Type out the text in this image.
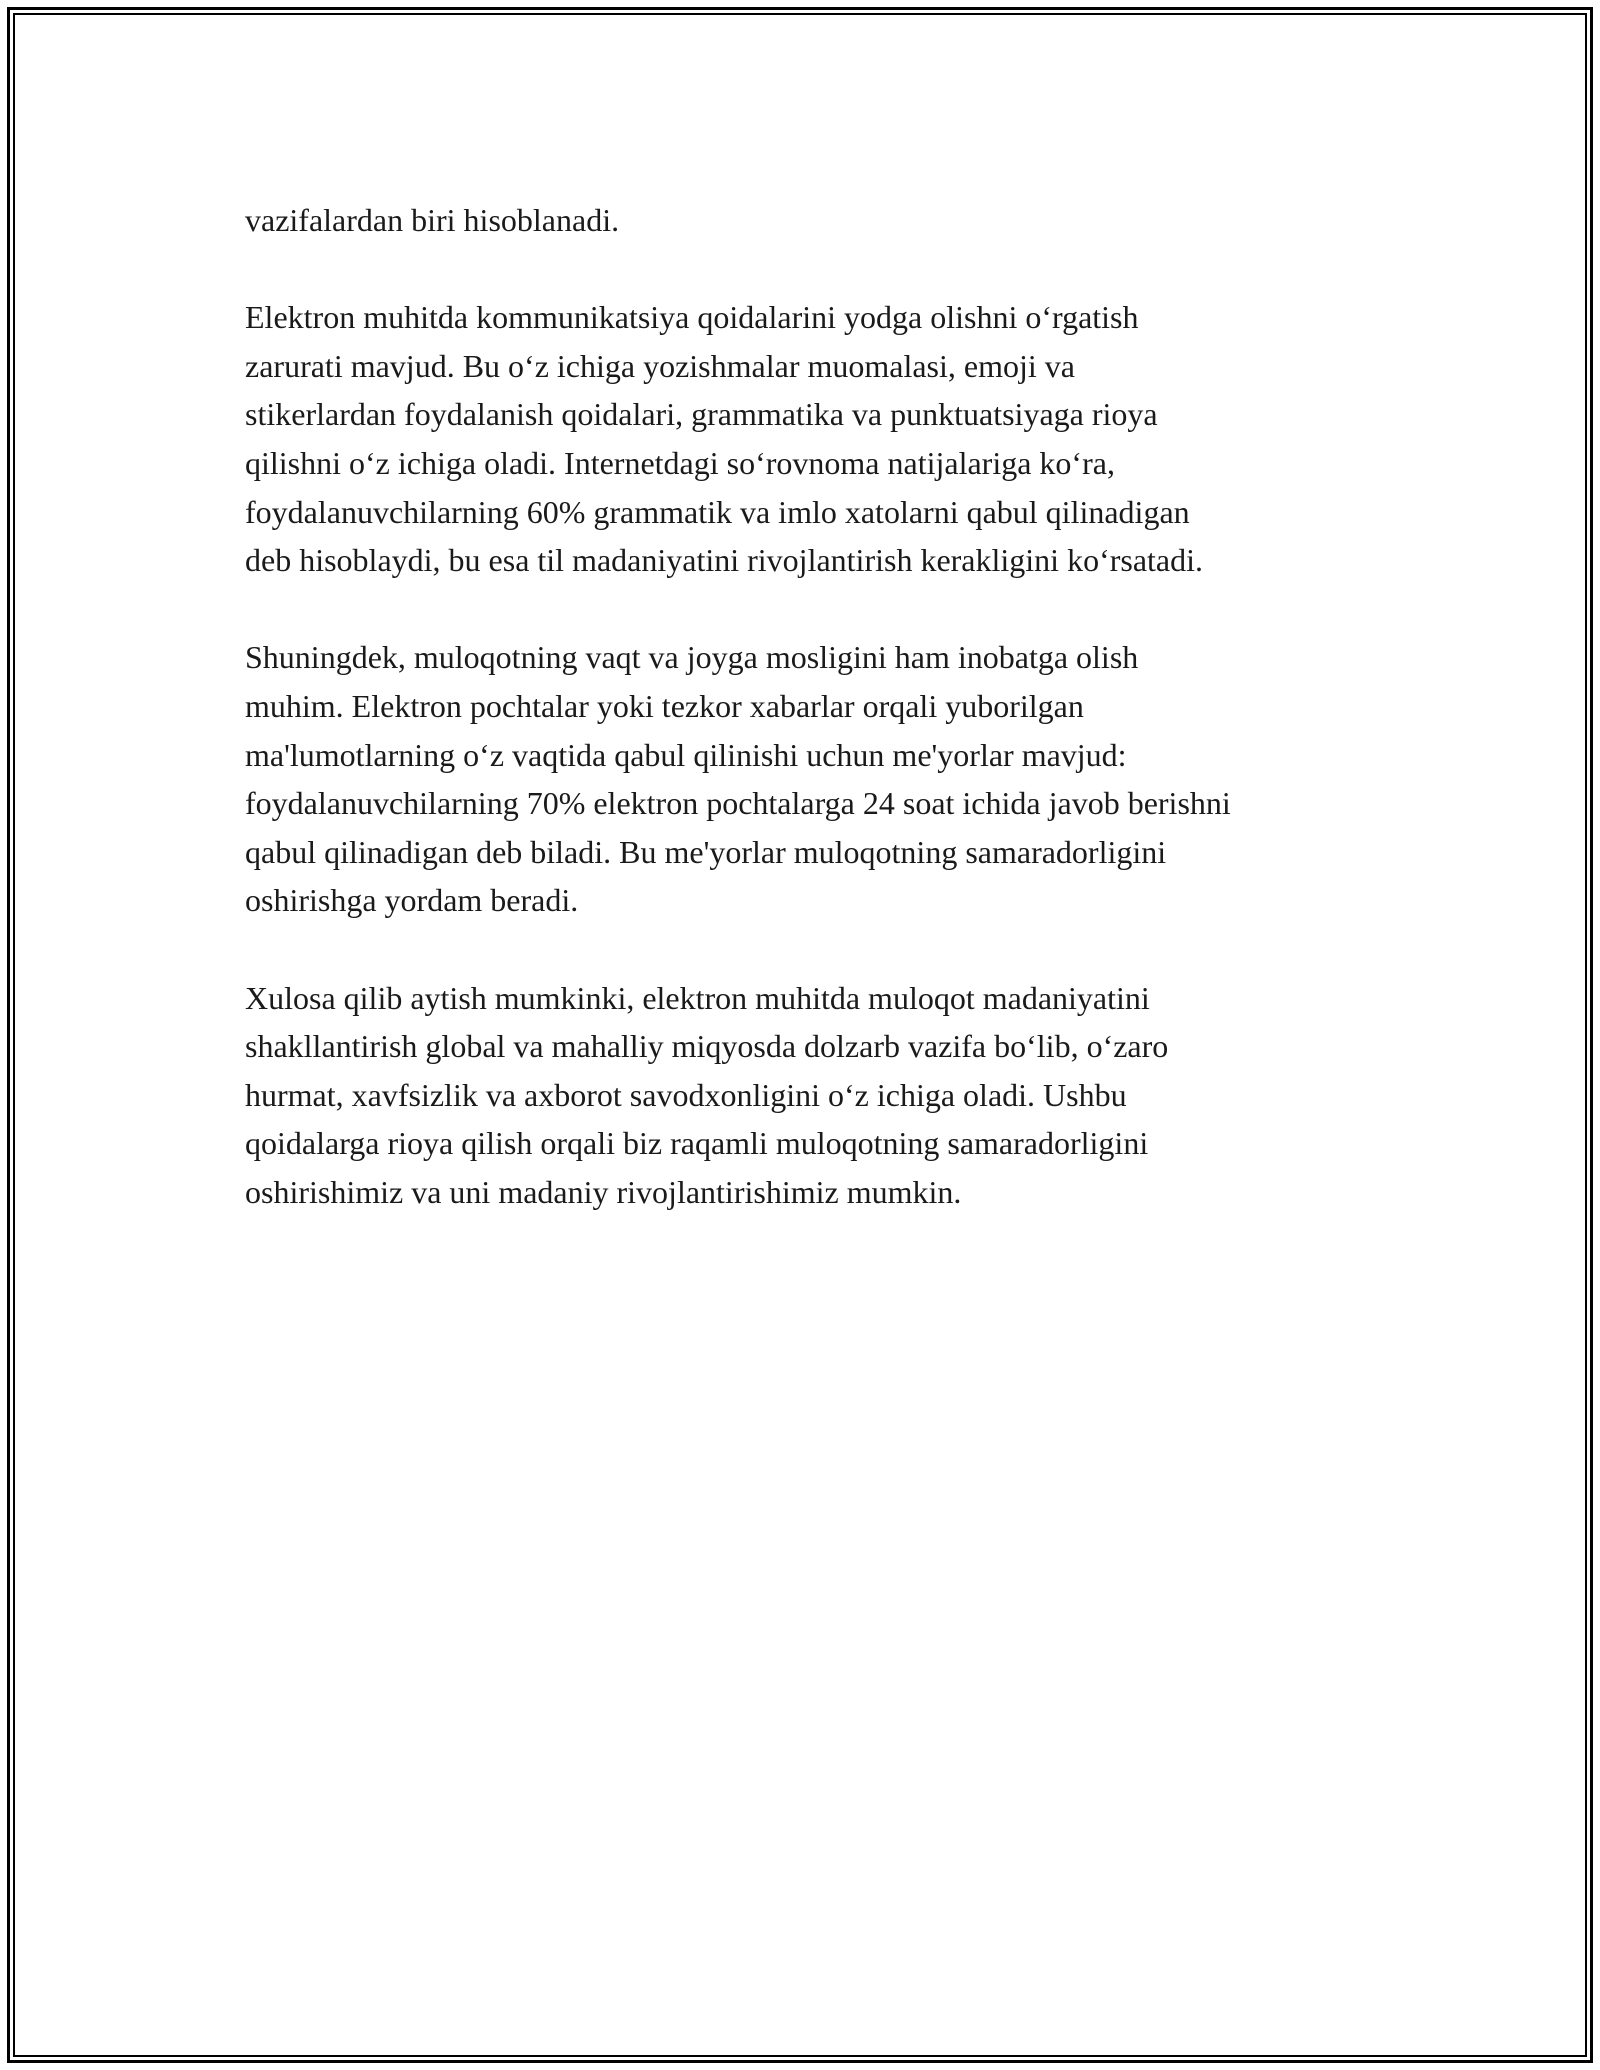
vazifalardan biri hisoblanadi.

Elektron muhitda kommunikatsiya qoidalarini yodga olishni o‘rgatish
zarurati mavjud. Bu o‘z ichiga yozishmalar muomalasi, emoji va
stikerlardan foydalanish qoidalari, grammatika va punktuatsiyaga rioya
qilishni o‘z ichiga oladi. Internetdagi so‘rovnoma natijalariga ko‘ra,
foydalanuvchilarning 60% grammatik va imlo xatolarni qabul qilinadigan
deb hisoblaydi, bu esa til madaniyatini rivojlantirish kerakligini ko‘rsatadi.

Shuningdek, muloqotning vaqt va joyga mosligini ham inobatga olish
muhim. Elektron pochtalar yoki tezkor xabarlar orqali yuborilgan
ma'lumotlarning o‘z vaqtida qabul qilinishi uchun me'yorlar mavjud:
foydalanuvchilarning 70% elektron pochtalarga 24 soat ichida javob berishni
qabul qilinadigan deb biladi. Bu me'yorlar muloqotning samaradorligini
oshirishga yordam beradi.

Xulosa qilib aytish mumkinki, elektron muhitda muloqot madaniyatini
shakllantirish global va mahalliy miqyosda dolzarb vazifa bo‘lib, o‘zaro
hurmat, xavfsizlik va axborot savodxonligini o‘z ichiga oladi. Ushbu
qoidalarga rioya qilish orqali biz raqamli muloqotning samaradorligini
oshirishimiz va uni madaniy rivojlantirishimiz mumkin.
